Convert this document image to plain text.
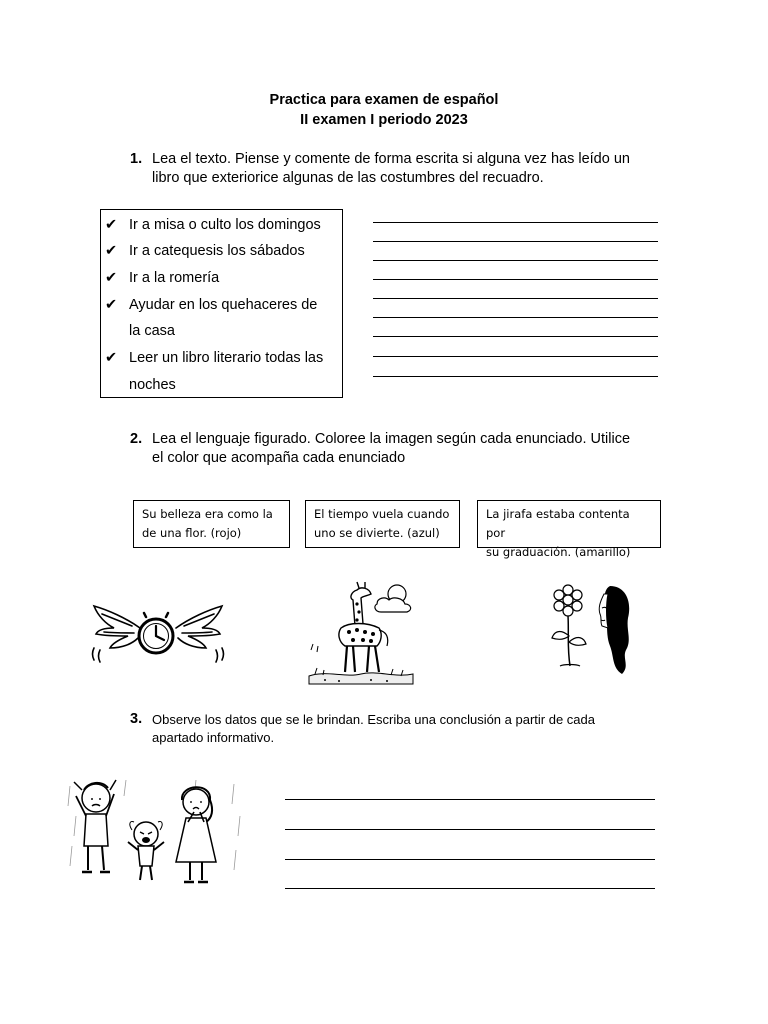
Practica para examen de español
II examen I periodo 2023
1. Lea el texto. Piense y comente de forma escrita si alguna vez has leído un
libro que exteriorice algunas de las costumbres del recuadro.
✔ Ir a misa o culto los domingos
✔ Ir a catequesis los sábados
✔ Ir a la romería
✔ Ayudar en los quehaceres de
la casa
✔ Leer un libro literario todas las
noches
2. Lea el lenguaje figurado. Coloree la imagen según cada enunciado. Utilice
el color que acompaña cada enunciado
Su belleza era como la
de una flor. (rojo)
El tiempo vuela cuando
uno se divierte. (azul)
La jirafa estaba contenta por
su graduación. (amarillo)
3. Observe los datos que se le brindan. Escriba una conclusión a partir de cada
apartado informativo.
